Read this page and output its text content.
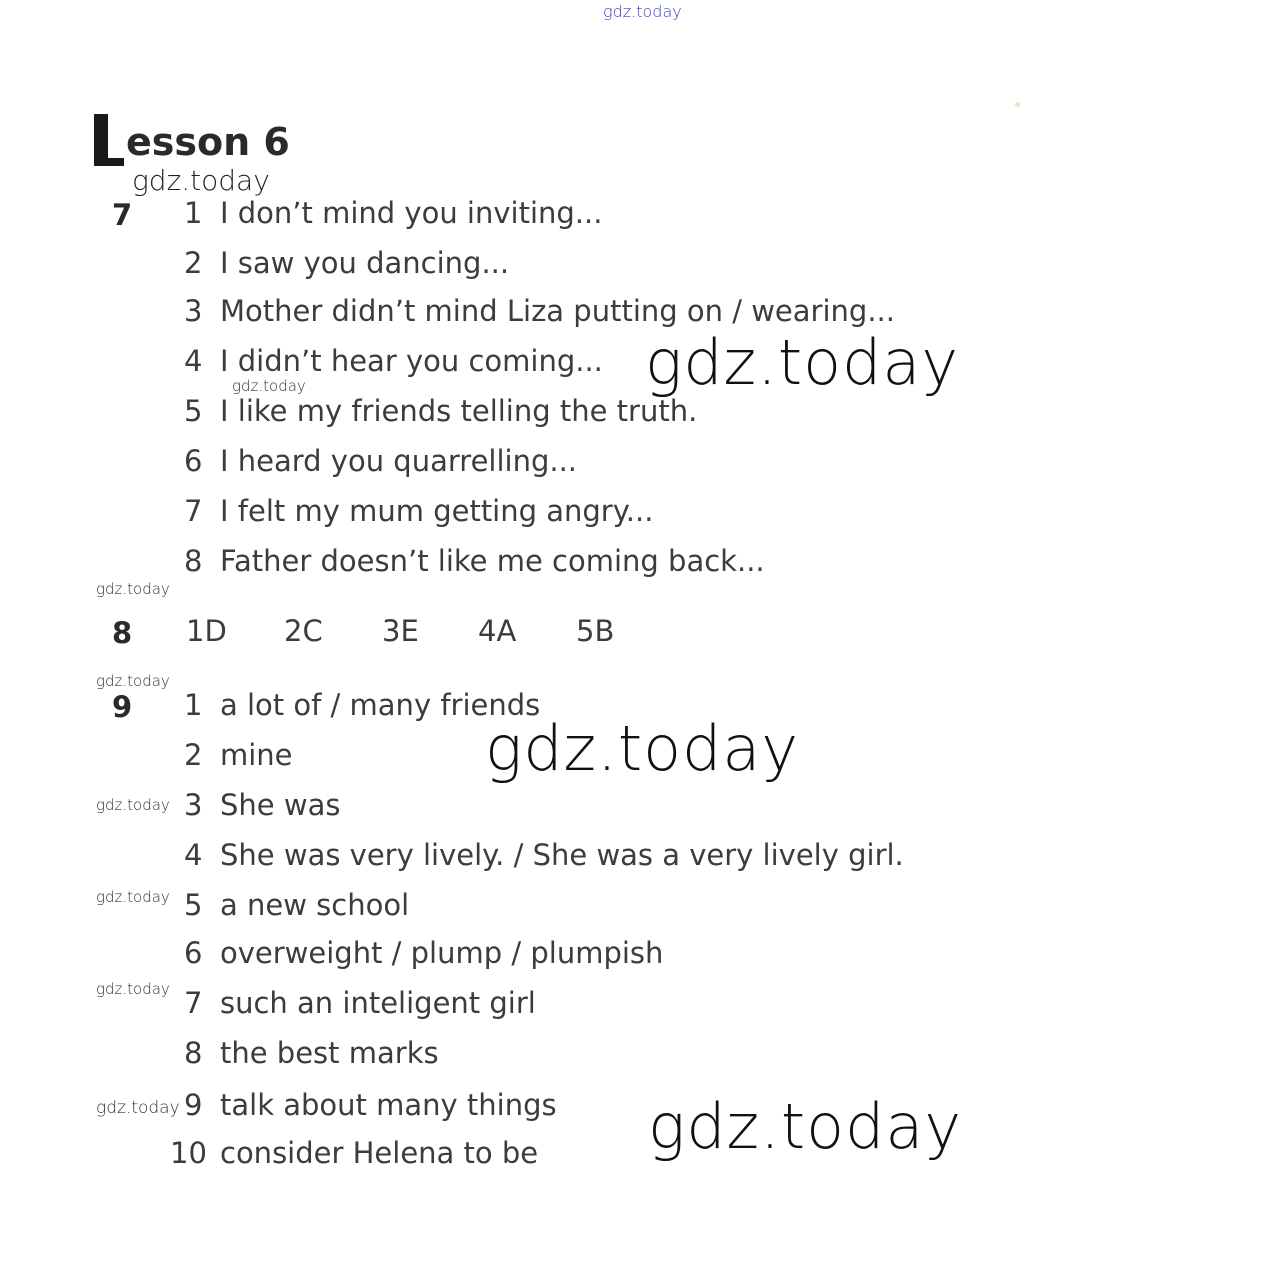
gdz.today
gdz.today
gdz.today
gdz.today
gdz.today
gdz.today
gdz.today
gdz.today
gdz.today
gdz.today
gdz.today	gdz.today
esson 6
7 1 I don’t mind you inviting...
2 I saw you dancing...
3 Mother didn’t mind Liza putting on / wearing...
4 I didn’t hear you coming...
5 I like my friends telling the truth.
6 I heard you quarrelling...
7 I felt my mum getting angry...
8 Father doesn’t like me coming back...
8 1D 2C 3E 4A 5B
9 1 a lot of / many friends
2 mine
3 She was
4 She was very lively. / She was a very lively girl.
5 a new school
6 overweight / plump / plumpish
7 such an inteligent girl
8 the best marks
9 talk about many things
10 consider Helena to be
